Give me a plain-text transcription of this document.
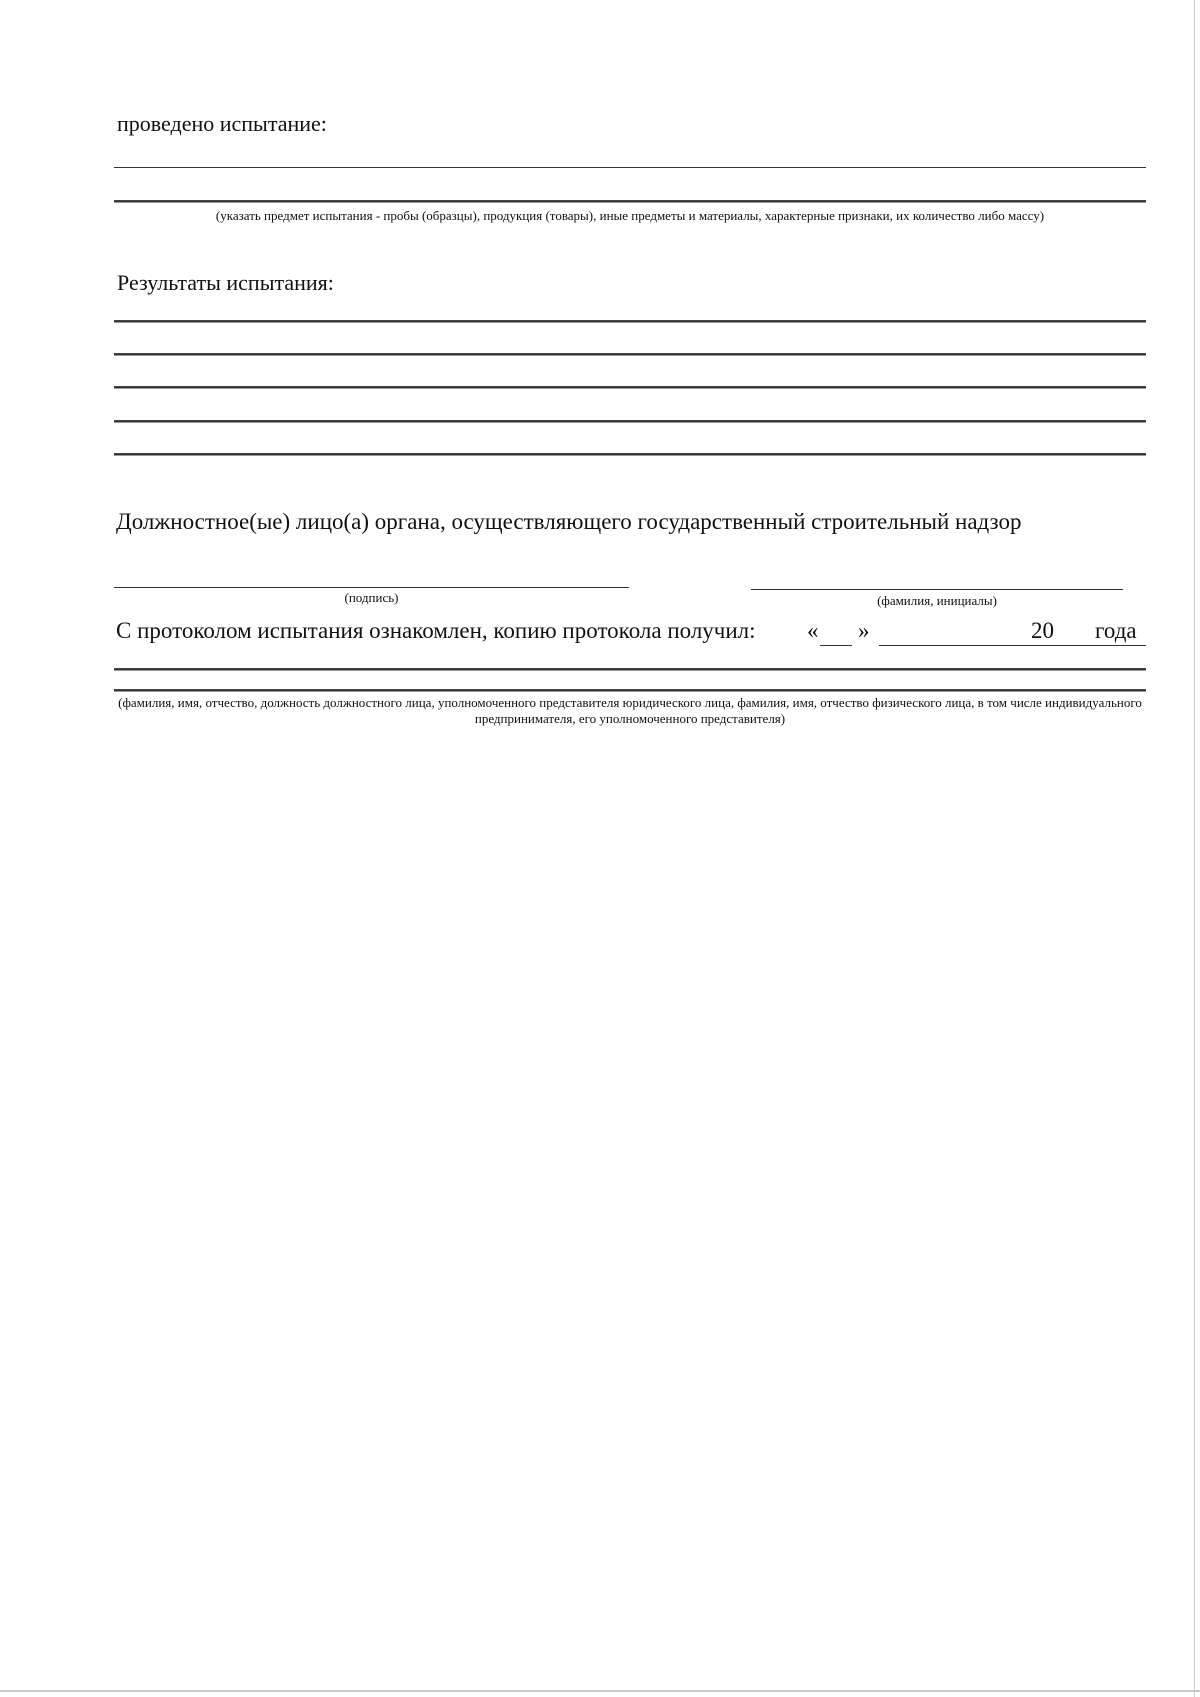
проведено испытание:
(указать предмет испытания - пробы (образцы), продукция (товары), иные предметы и материалы, характерные признаки, их количество либо массу)
Результаты испытания:
Должностное(ые) лицо(а) органа, осуществляющего государственный строительный надзор
(подпись)	(фамилия, инициалы)
С протоколом испытания ознакомлен, копию протокола получил: « »	20 года
(фамилия, имя, отчество, должность должностного лица, уполномоченного представителя юридического лица, фамилия, имя, отчество физического лица, в том числе индивидуального предпринимателя, его уполномоченного представителя)
